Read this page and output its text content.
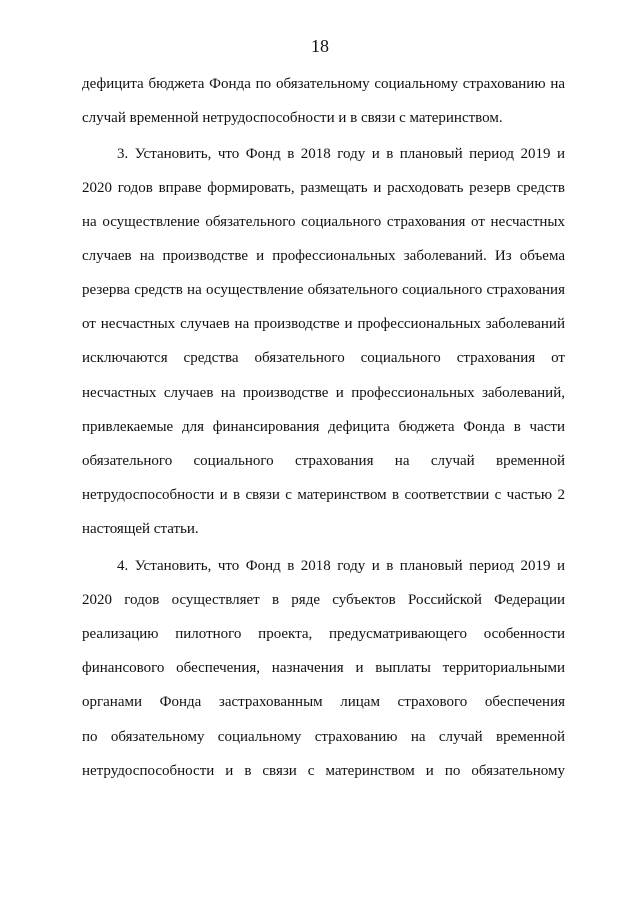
18
дефицита бюджета Фонда по обязательному социальному страхованию на
случай временной нетрудоспособности и в связи с материнством.
3. Установить, что Фонд в 2018 году и в плановый период 2019 и
2020 годов вправе формировать, размещать и расходовать резерв средств
на осуществление обязательного социального страхования от несчастных
случаев на производстве и профессиональных заболеваний. Из объема
резерва средств на осуществление обязательного социального страхования
от несчастных случаев на производстве и профессиональных заболеваний
исключаются средства обязательного социального страхования от
несчастных случаев на производстве и профессиональных заболеваний,
привлекаемые для финансирования дефицита бюджета Фонда в части
обязательного социального страхования на случай временной
нетрудоспособности и в связи с материнством в соответствии с частью 2
настоящей статьи.
4. Установить, что Фонд в 2018 году и в плановый период 2019 и
2020 годов осуществляет в ряде субъектов Российской Федерации
реализацию пилотного проекта, предусматривающего особенности
финансового обеспечения, назначения и выплаты территориальными
органами Фонда застрахованным лицам страхового обеспечения
по обязательному социальному страхованию на случай временной
нетрудоспособности и в связи с материнством и по обязательному
